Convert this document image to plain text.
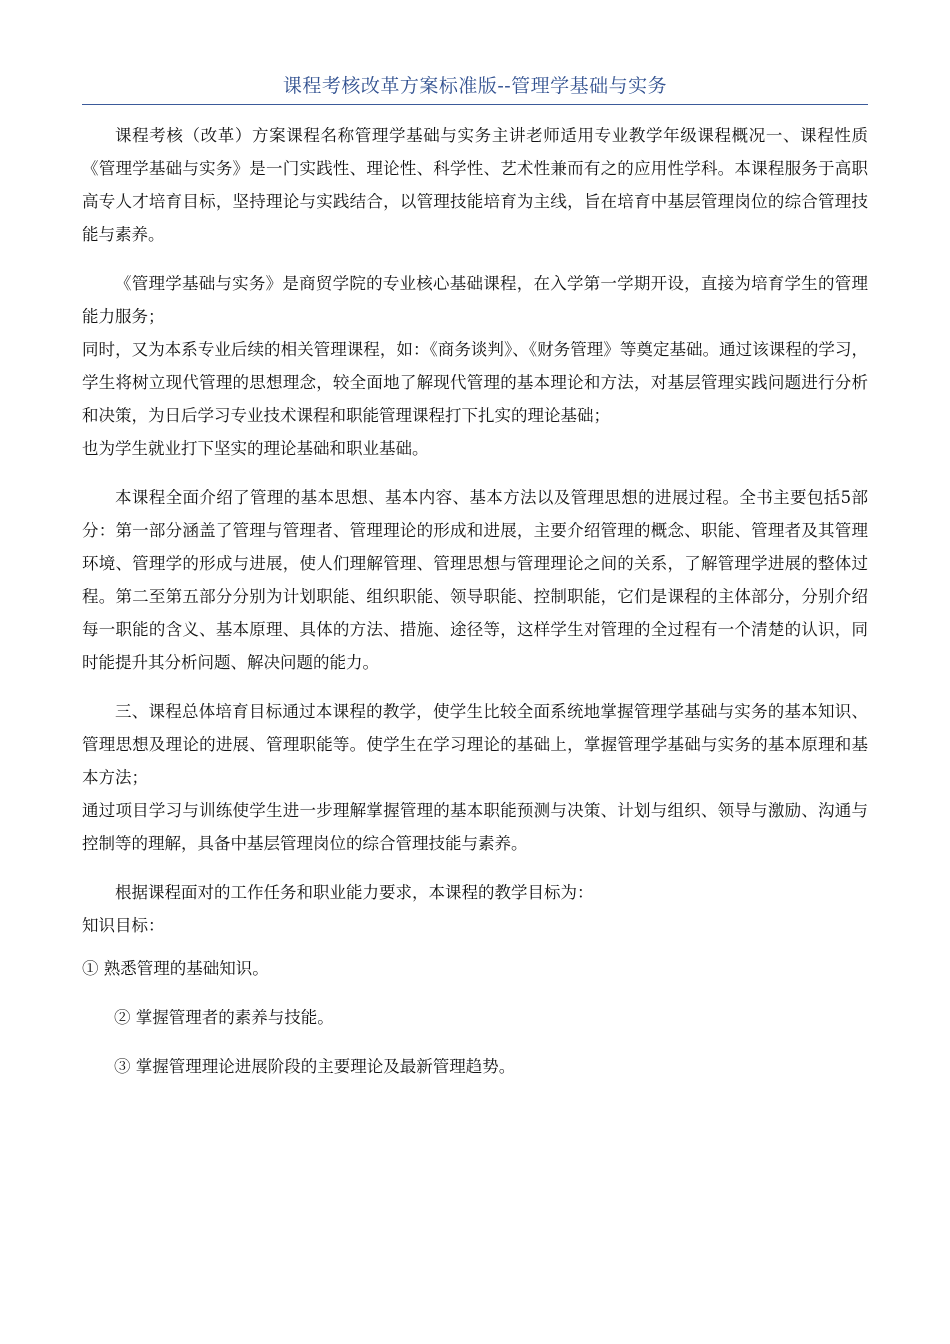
课程考核改革方案标准版--管理学基础与实务

课程考核（改革）方案课程名称管理学基础与实务主讲老师适用专业教学年级课程概况一、课程性质《管理学基础与实务》是一门实践性、理论性、科学性、艺术性兼而有之的应用性学科。本课程服务于高职高专人才培育目标，坚持理论与实践结合，以管理技能培育为主线，旨在培育中基层管理岗位的综合管理技能与素养。

《管理学基础与实务》是商贸学院的专业核心基础课程，在入学第一学期开设，直接为培育学生的管理能力服务；

同时，又为本系专业后续的相关管理课程，如：《商务谈判》、《财务管理》等奠定基础。通过该课程的学习，学生将树立现代管理的思想理念，较全面地了解现代管理的基本理论和方法，对基层管理实践问题进行分析和决策，为日后学习专业技术课程和职能管理课程打下扎实的理论基础；

也为学生就业打下坚实的理论基础和职业基础。

本课程全面介绍了管理的基本思想、基本内容、基本方法以及管理思想的进展过程。全书主要包括5部分：第一部分涵盖了管理与管理者、管理理论的形成和进展，主要介绍管理的概念、职能、管理者及其管理环境、管理学的形成与进展，使人们理解管理、管理思想与管理理论之间的关系，了解管理学进展的整体过程。第二至第五部分分别为计划职能、组织职能、领导职能、控制职能，它们是课程的主体部分，分别介绍每一职能的含义、基本原理、具体的方法、措施、途径等，这样学生对管理的全过程有一个清楚的认识，同时能提升其分析问题、解决问题的能力。

三、课程总体培育目标通过本课程的教学，使学生比较全面系统地掌握管理学基础与实务的基本知识、管理思想及理论的进展、管理职能等。使学生在学习理论的基础上，掌握管理学基础与实务的基本原理和基本方法；

通过项目学习与训练使学生进一步理解掌握管理的基本职能预测与决策、计划与组织、领导与激励、沟通与控制等的理解，具备中基层管理岗位的综合管理技能与素养。

根据课程面对的工作任务和职业能力要求，本课程的教学目标为：

知识目标：

① 熟悉管理的基础知识。

② 掌握管理者的素养与技能。

③ 掌握管理理论进展阶段的主要理论及最新管理趋势。
